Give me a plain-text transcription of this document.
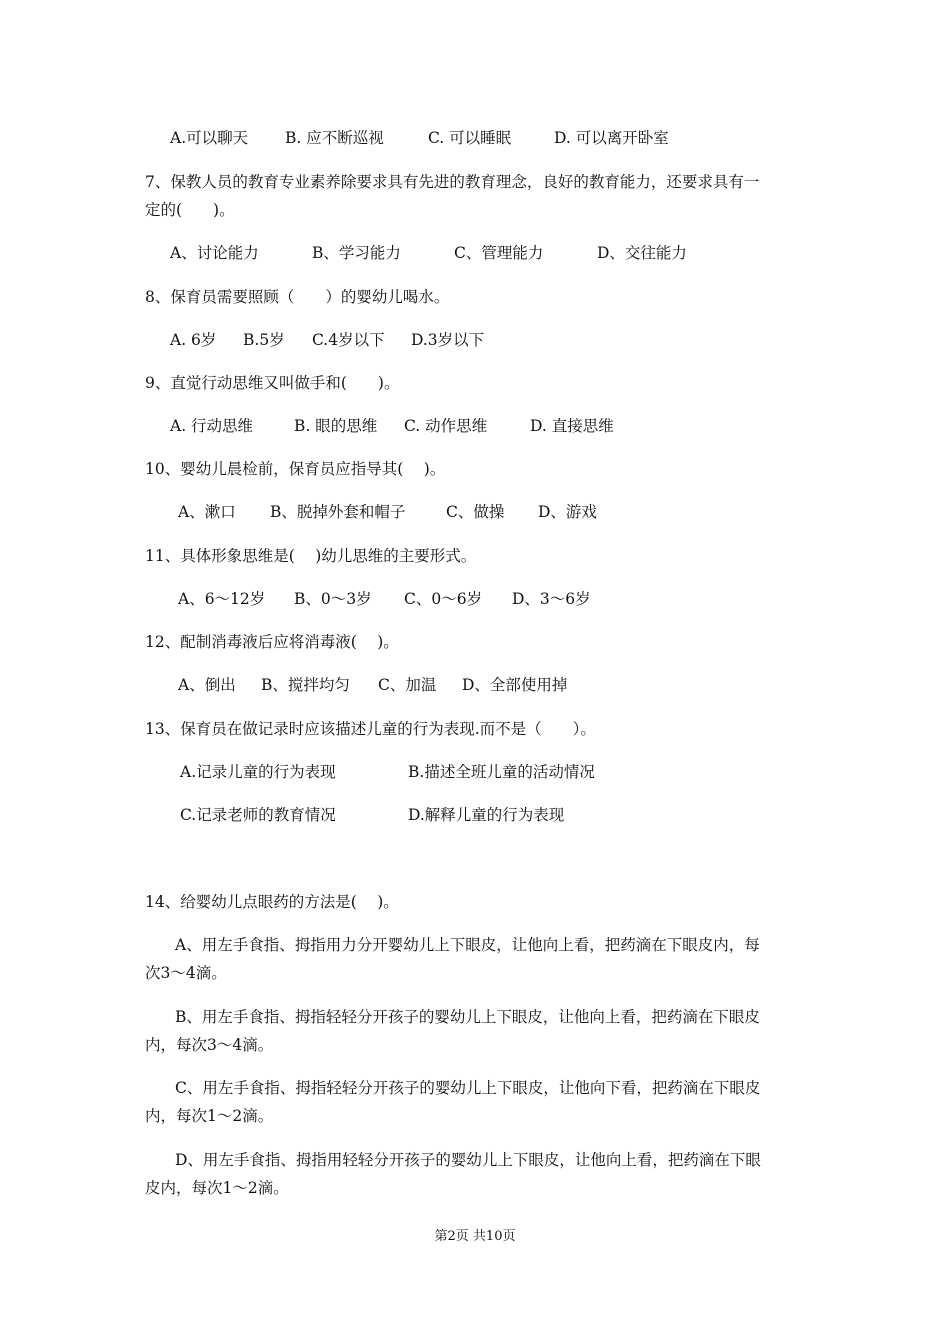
A.可以聊天 B. 应不断巡视	C. 可以睡眠	D. 可以离开卧室

7、保教人员的教育专业素养除要求具有先进的教育理念，良好的教育能力，还要求具有一

定的(　　)。

A、讨论能力	B、学习能力	C、管理能力	D、交往能力

8、保育员需要照顾（　　）的婴幼儿喝水。

A. 6岁 B.5岁 C.4岁以下 D.3岁以下

9、直觉行动思维又叫做手和(　　)。

A. 行动思维	B. 眼的思维 C. 动作思维	D. 直接思维

10、婴幼儿晨检前，保育员应指导其(　 )。

A、漱口 B、脱掉外套和帽子	C、做操 D、游戏

11、具体形象思维是(　 )幼儿思维的主要形式。

A、6～12岁 B、0～3岁 C、0～6岁 D、3～6岁

12、配制消毒液后应将消毒液(　 )。

A、倒出 B、搅拌均匀 C、加温 D、全部使用掉

13、保育员在做记录时应该描述儿童的行为表现.而不是（　　）。

A.记录儿童的行为表现	B.描述全班儿童的活动情况
C.记录老师的教育情况	D.解释儿童的行为表现

14、给婴幼儿点眼药的方法是(　 )。

A、用左手食指、拇指用力分开婴幼儿上下眼皮，让他向上看，把药滴在下眼皮内，每

次3～4滴。

B、用左手食指、拇指轻轻分开孩子的婴幼儿上下眼皮，让他向上看，把药滴在下眼皮

内，每次3～4滴。

C、用左手食指、拇指轻轻分开孩子的婴幼儿上下眼皮，让他向下看，把药滴在下眼皮

内，每次1～2滴。

D、用左手食指、拇指用轻轻分开孩子的婴幼儿上下眼皮，让他向上看，把药滴在下眼

皮内，每次1～2滴。

第2页 共10页
